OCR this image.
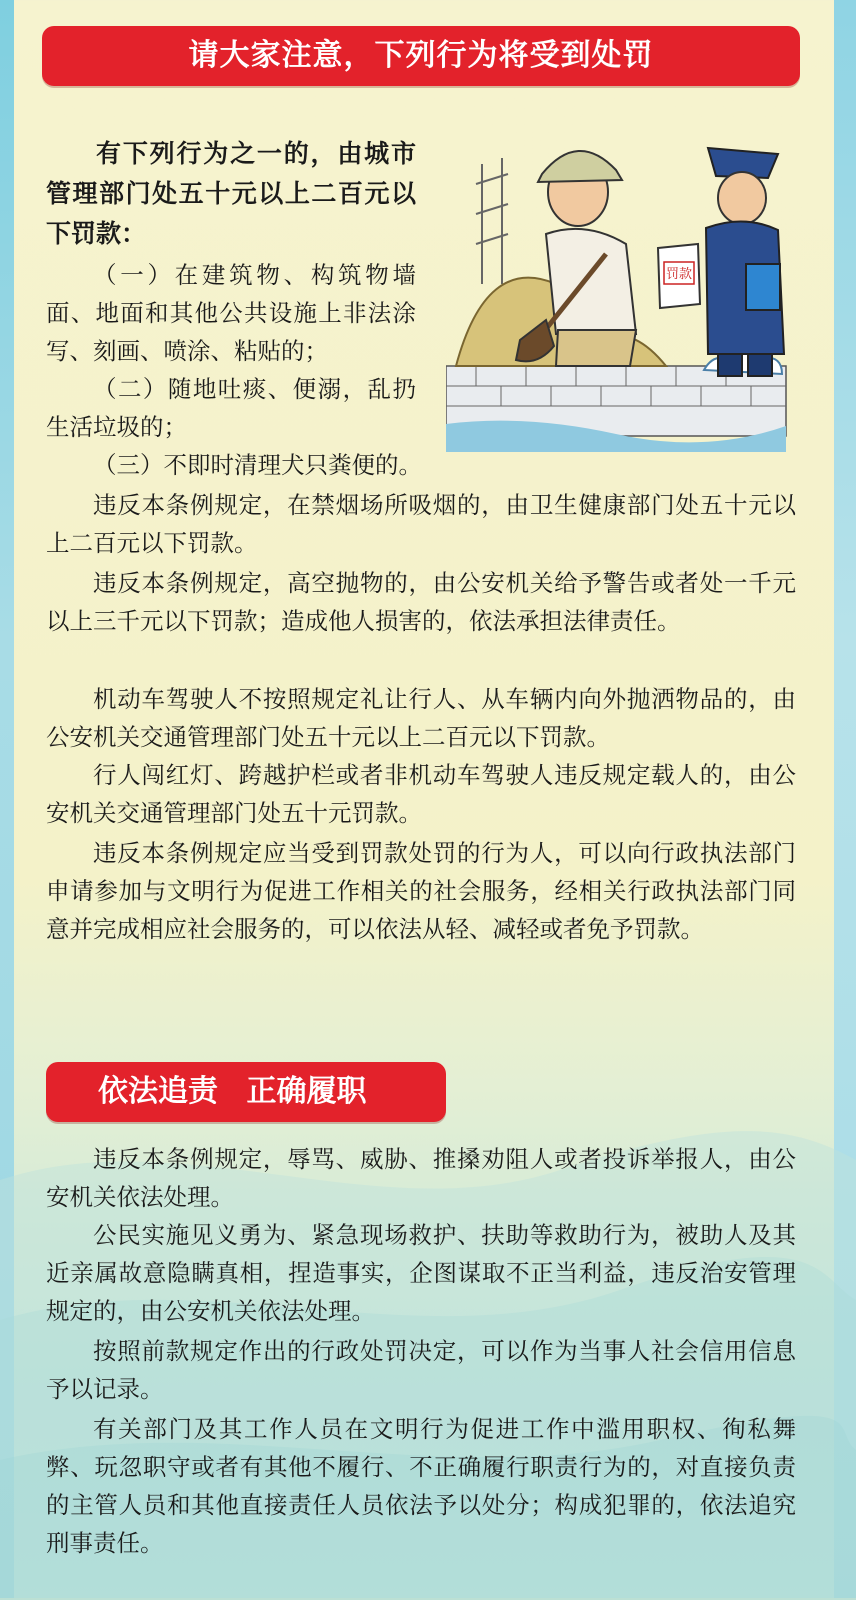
请大家注意，下列行为将受到处罚

有下列行为之一的，由城市管理部门处五十元以上二百元以下罚款：

（一）在建筑物、构筑物墙面、地面和其他公共设施上非法涂写、刻画、喷涂、粘贴的；

（二）随地吐痰、便溺，乱扔生活垃圾的；

（三）不即时清理犬只粪便的。

罚款

违反本条例规定，在禁烟场所吸烟的，由卫生健康部门处五十元以上二百元以下罚款。

违反本条例规定，高空抛物的，由公安机关给予警告或者处一千元以上三千元以下罚款；造成他人损害的，依法承担法律责任。

机动车驾驶人不按照规定礼让行人、从车辆内向外抛洒物品的，由公安机关交通管理部门处五十元以上二百元以下罚款。

行人闯红灯、跨越护栏或者非机动车驾驶人违反规定载人的，由公安机关交通管理部门处五十元罚款。

违反本条例规定应当受到罚款处罚的行为人，可以向行政执法部门申请参加与文明行为促进工作相关的社会服务，经相关行政执法部门同意并完成相应社会服务的，可以依法从轻、减轻或者免予罚款。

依法追责 正确履职

违反本条例规定，辱骂、威胁、推搡劝阻人或者投诉举报人，由公安机关依法处理。

公民实施见义勇为、紧急现场救护、扶助等救助行为，被助人及其近亲属故意隐瞒真相，捏造事实，企图谋取不正当利益，违反治安管理规定的，由公安机关依法处理。

按照前款规定作出的行政处罚决定，可以作为当事人社会信用信息予以记录。

有关部门及其工作人员在文明行为促进工作中滥用职权、徇私舞弊、玩忽职守或者有其他不履行、不正确履行职责行为的，对直接负责的主管人员和其他直接责任人员依法予以处分；构成犯罪的，依法追究刑事责任。
